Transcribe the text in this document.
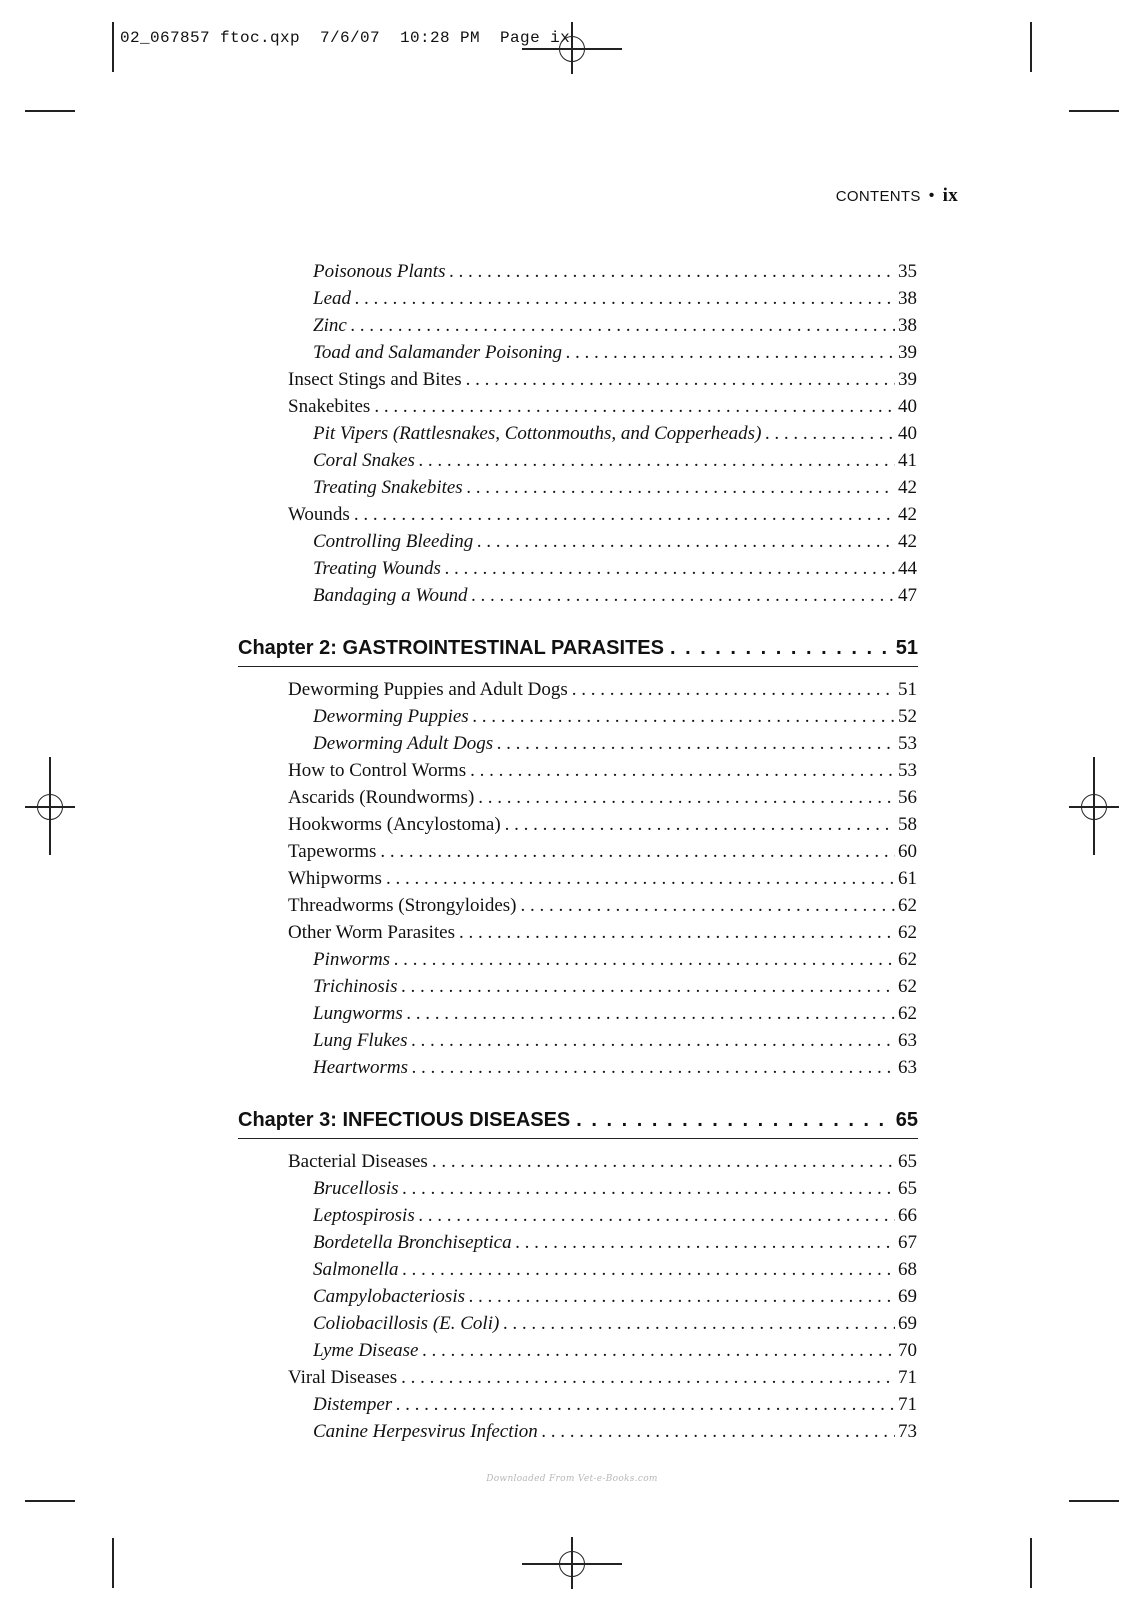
02_067857 ftoc.qxp  7/6/07  10:28 PM  Page ix
CONTENTS • ix
Poisonous Plants . . .	35
Lead . . .	38
Zinc . . .	38
Toad and Salamander Poisoning . . .	39
Insect Stings and Bites . . .	39
Snakebites . . .	40
Pit Vipers (Rattlesnakes, Cottonmouths, and Copperheads) . . .	40
Coral Snakes . . .	41
Treating Snakebites . . .	42
Wounds . . .	42
Controlling Bleeding . . .	42
Treating Wounds . . .	44
Bandaging a Wound . . .	47
Chapter 2: GASTROINTESTINAL PARASITES . . .	51
Deworming Puppies and Adult Dogs . . .	51
Deworming Puppies . . .	52
Deworming Adult Dogs . . .	53
How to Control Worms . . .	53
Ascarids (Roundworms) . . .	56
Hookworms (Ancylostoma) . . .	58
Tapeworms . . .	60
Whipworms . . .	61
Threadworms (Strongyloides) . . .	62
Other Worm Parasites . . .	62
Pinworms . . .	62
Trichinosis . . .	62
Lungworms . . .	62
Lung Flukes . . .	63
Heartworms . . .	63
Chapter 3: INFECTIOUS DISEASES . . .	65
Bacterial Diseases . . .	65
Brucellosis . . .	65
Leptospirosis . . .	66
Bordetella Bronchiseptica . . .	67
Salmonella . . .	68
Campylobacteriosis . . .	69
Coliobacillosis (E. Coli) . . .	69
Lyme Disease . . .	70
Viral Diseases . . .	71
Distemper . . .	71
Canine Herpesvirus Infection . . .	73
Downloaded From Vet-e-Books.com
